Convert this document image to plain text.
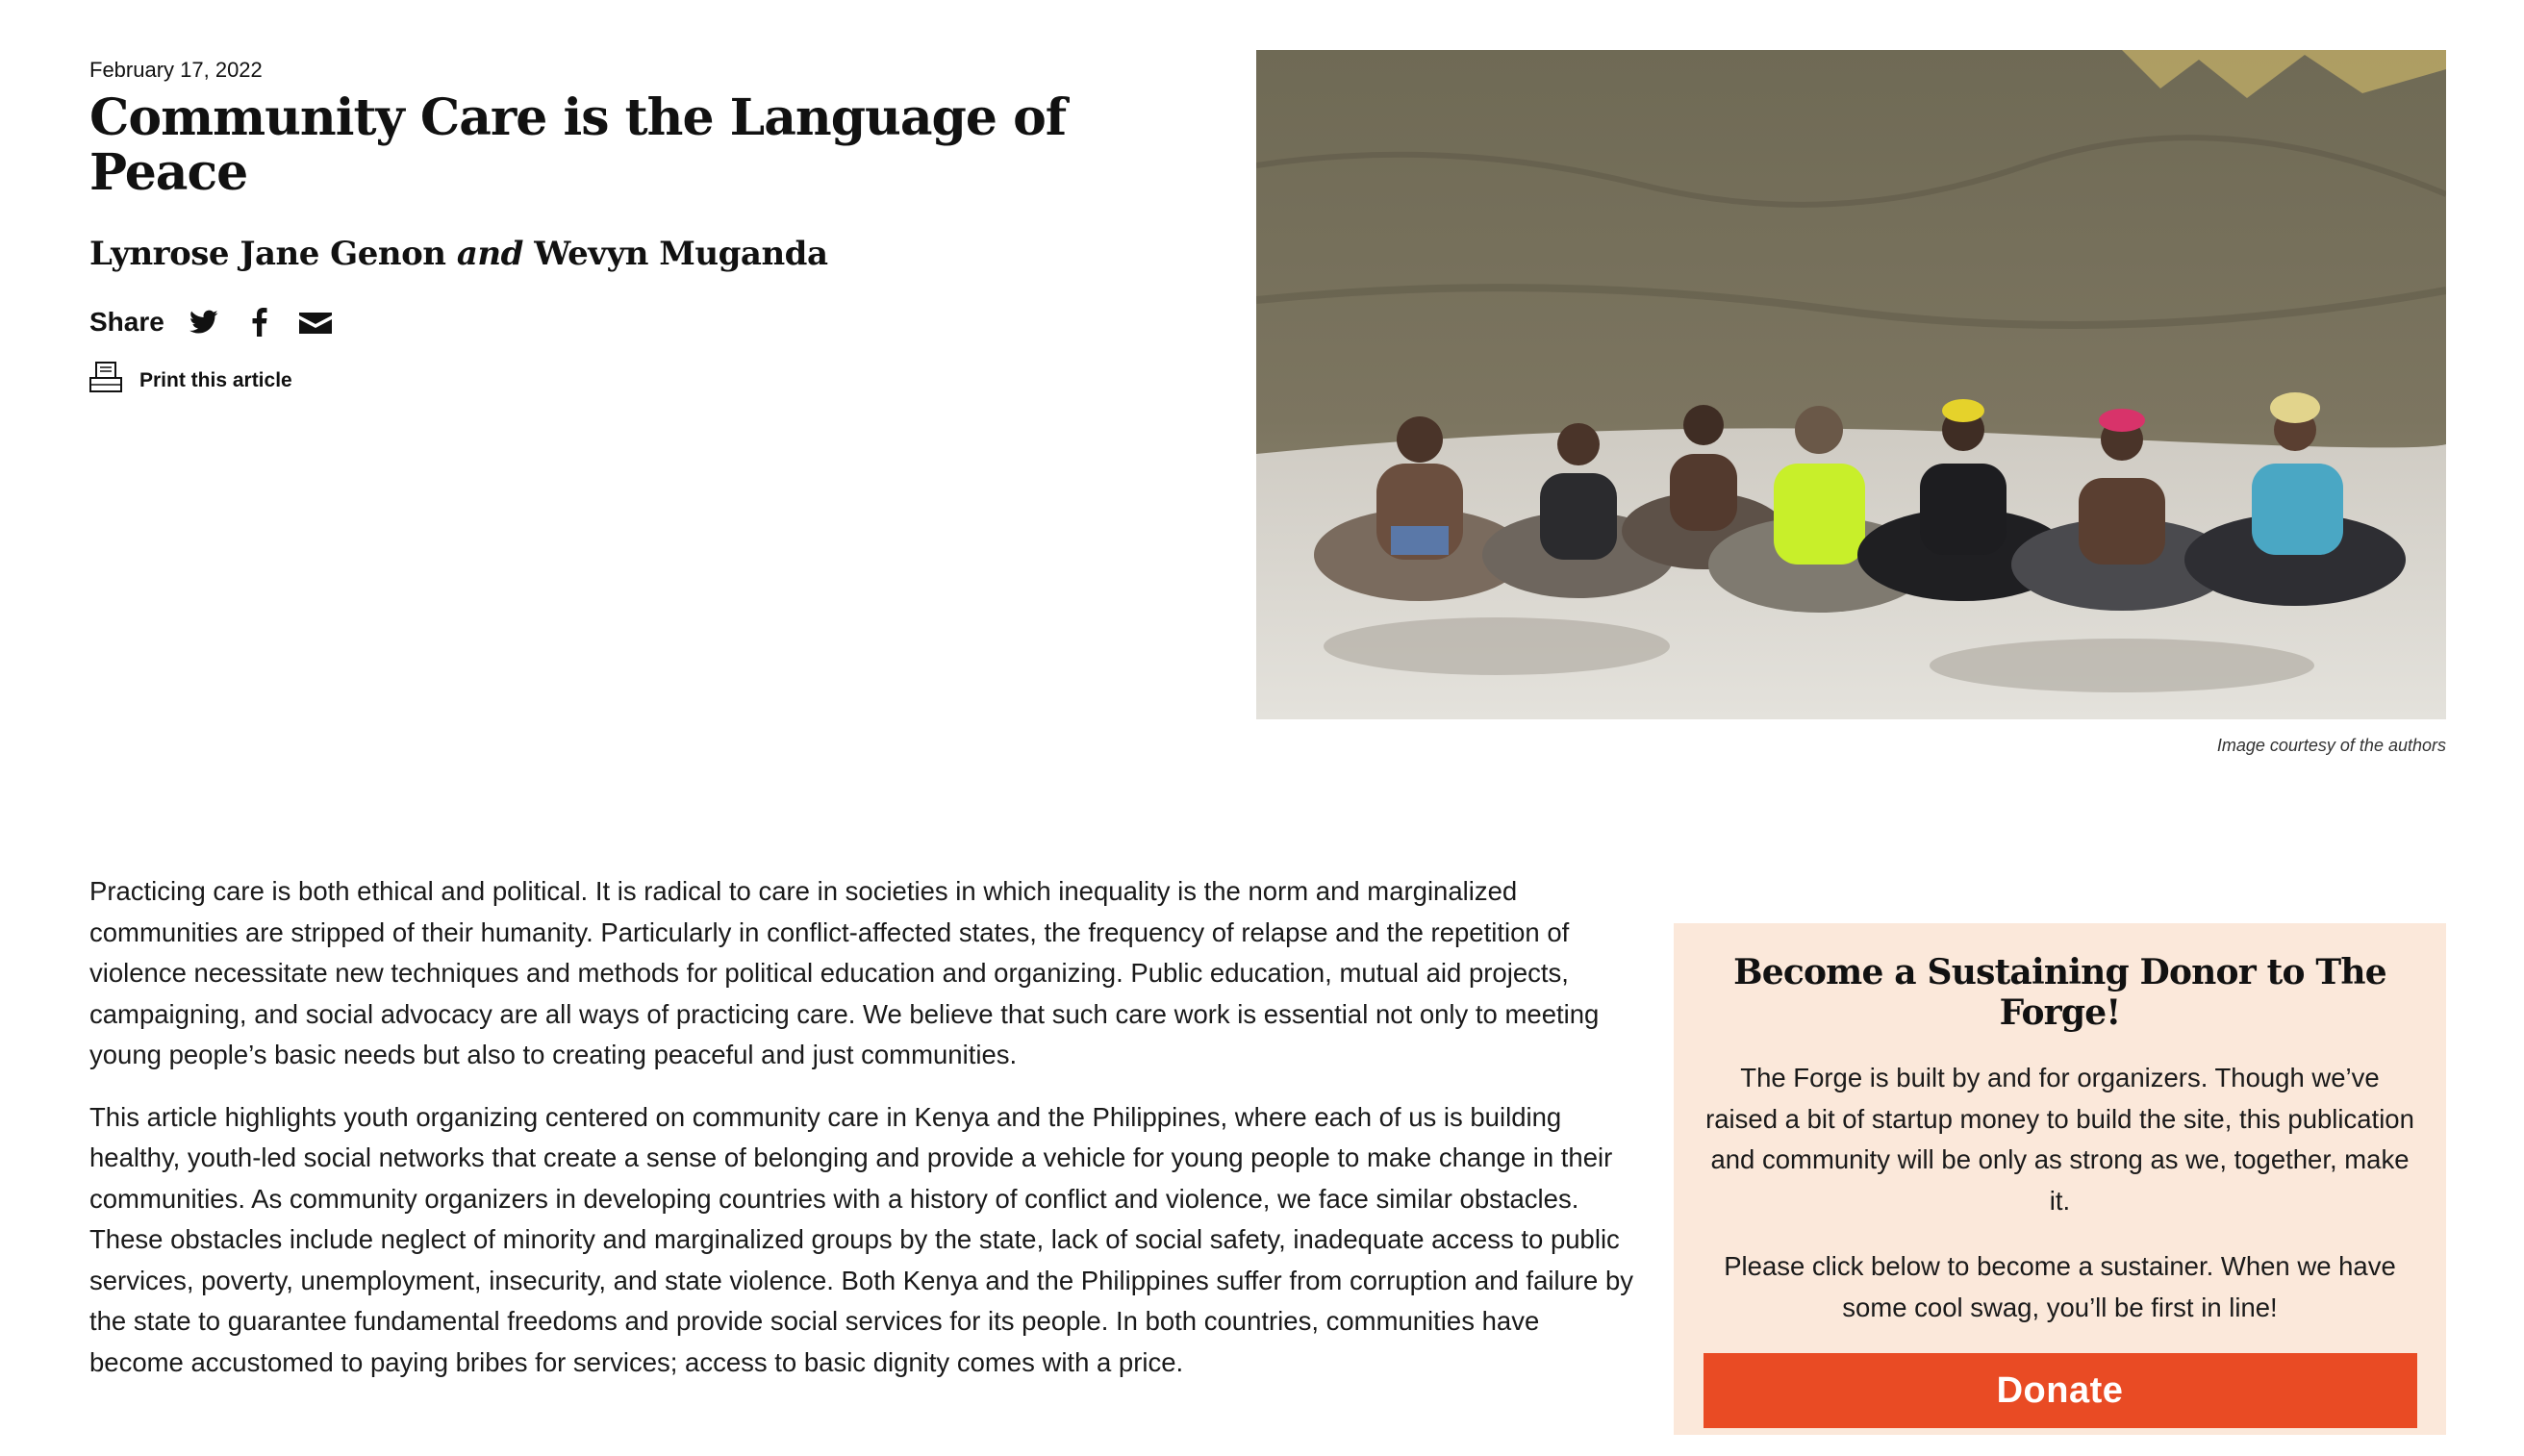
February 17, 2022
Community Care is the Language of Peace
Lynrose Jane Genon and Wevyn Muganda
Share
Print this article
Image courtesy of the authors

Practicing care is both ethical and political. It is radical to care in societies in which inequality is the norm and marginalized communities are stripped of their humanity. Particularly in conflict-affected states, the frequency of relapse and the repetition of violence necessitate new techniques and methods for political education and organizing. Public education, mutual aid projects, campaigning, and social advocacy are all ways of practicing care. We believe that such care work is essential not only to meeting young people’s basic needs but also to creating peaceful and just communities.

This article highlights youth organizing centered on community care in Kenya and the Philippines, where each of us is building healthy, youth-led social networks that create a sense of belonging and provide a vehicle for young people to make change in their communities. As community organizers in developing countries with a history of conflict and violence, we face similar obstacles. These obstacles include neglect of minority and marginalized groups by the state, lack of social safety, inadequate access to public services, poverty, unemployment, insecurity, and state violence. Both Kenya and the Philippines suffer from corruption and failure by the state to guarantee fundamental freedoms and provide social services for its people. In both countries, communities have become accustomed to paying bribes for services; access to basic dignity comes with a price.

Become a Sustaining Donor to The Forge!

The Forge is built by and for organizers. Though we’ve raised a bit of startup money to build the site, this publication and community will be only as strong as we, together, make it.

Please click below to become a sustainer. When we have some cool swag, you’ll be first in line!

Donate
